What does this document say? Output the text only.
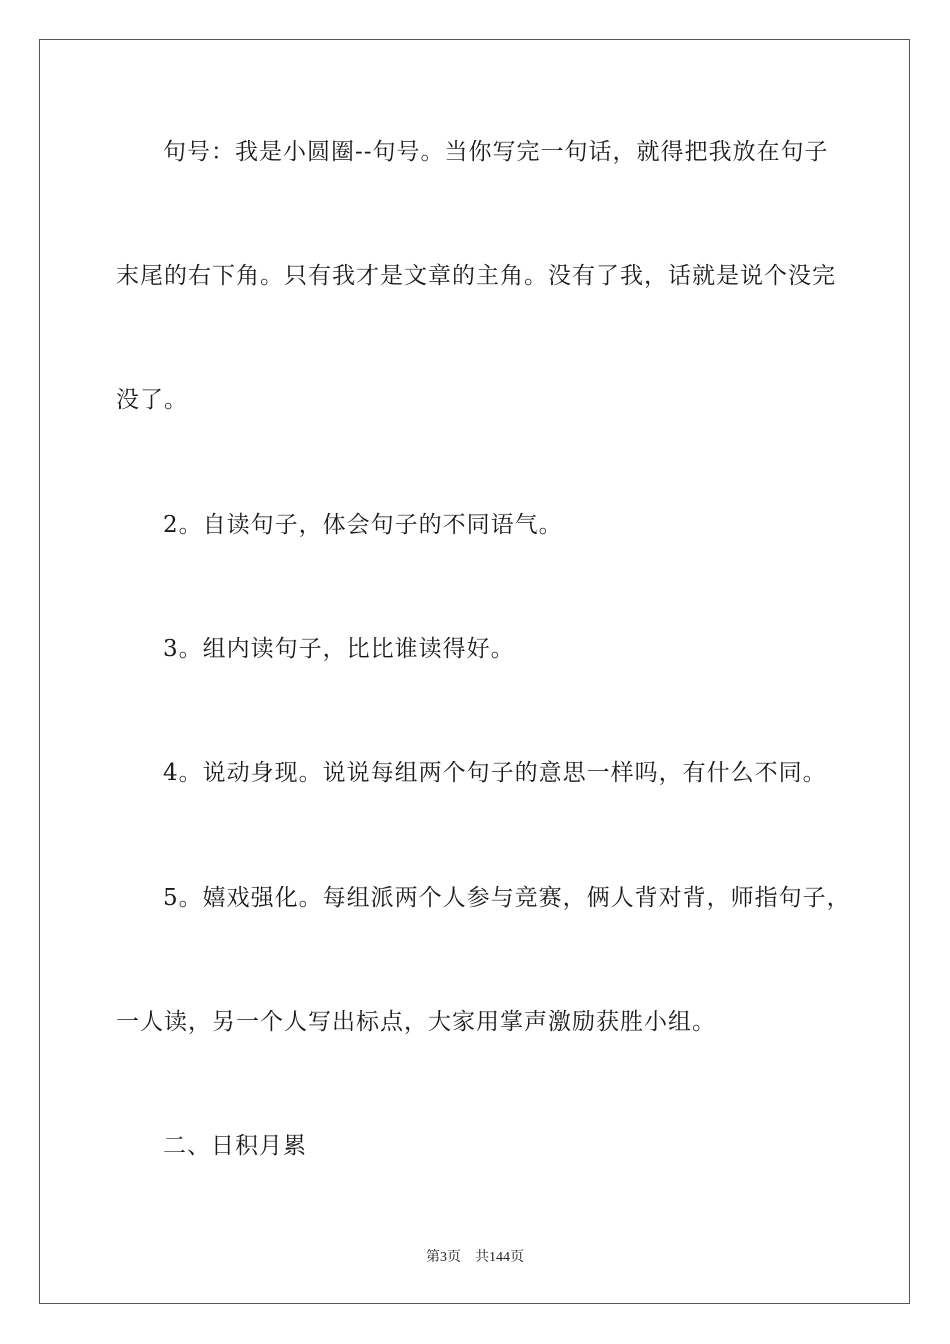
句号：我是小圆圈--句号。当你写完一句话，就得把我放在句子
末尾的右下角。只有我才是文章的主角。没有了我，话就是说个没完
没了。
2。自读句子，体会句子的不同语气。
3。组内读句子，比比谁读得好。
4。说动身现。说说每组两个句子的意思一样吗，有什么不同。
5。嬉戏强化。每组派两个人参与竞赛，俩人背对背，师指句子，
一人读，另一个人写出标点，大家用掌声激励获胜小组。
二、日积月累
第3页 共144页
